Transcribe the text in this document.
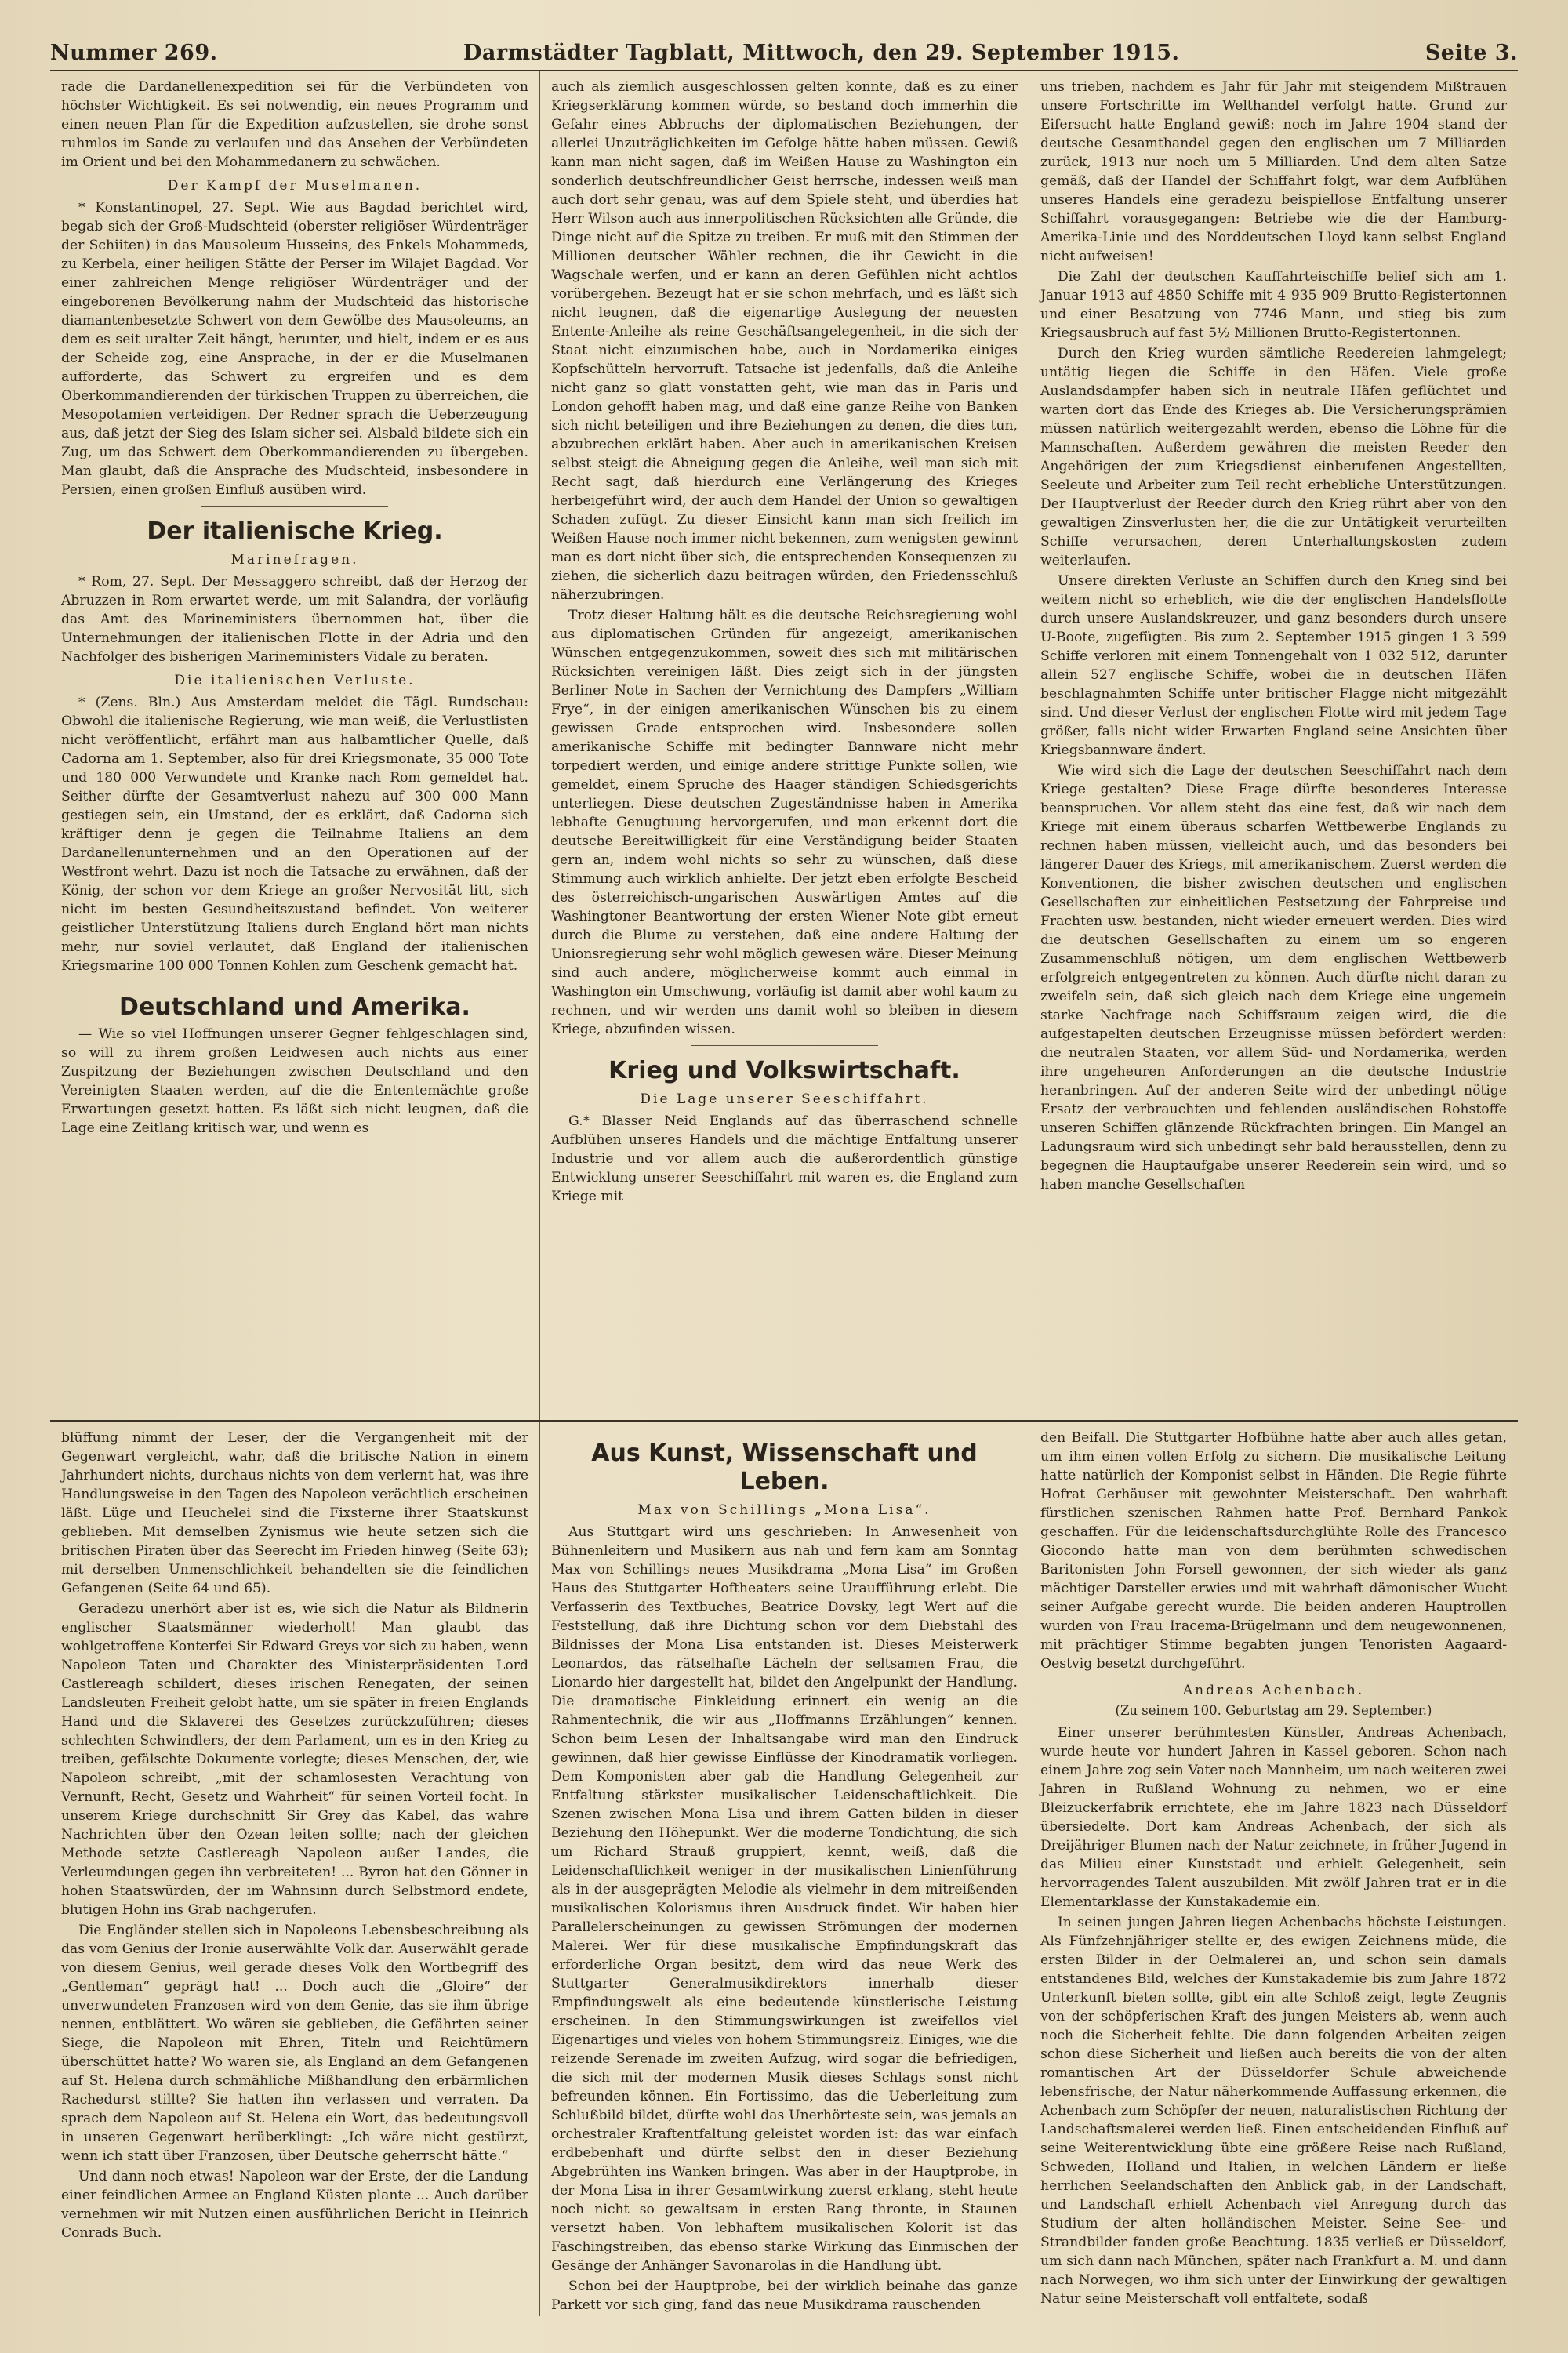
Nummer 269.	Darmstädter Tagblatt, Mittwoch, den 29. September 1915.	Seite 3.

rade die Dardanellenexpedition sei für die Verbündeten von höchster Wichtigkeit. Es sei notwendig, ein neues Programm und einen neuen Plan für die Expedition aufzustellen, sie drohe sonst ruhmlos im Sande zu verlaufen und das Ansehen der Verbündeten im Orient und bei den Mohammedanern zu schwächen.

Der Kampf der Muselmanen.

* Konstantinopel, 27. Sept. Wie aus Bagdad berichtet wird, begab sich der Groß-Mudschteid (oberster religiöser Würdenträger der Schiiten) in das Mausoleum Husseins, des Enkels Mohammeds, zu Kerbela, einer heiligen Stätte der Perser im Wilajet Bagdad. Vor einer zahlreichen Menge religiöser Würdenträger und der eingeborenen Bevölkerung nahm der Mudschteid das historische diamantenbesetzte Schwert von dem Gewölbe des Mausoleums, an dem es seit uralter Zeit hängt, herunter, und hielt, indem er es aus der Scheide zog, eine Ansprache, in der er die Muselmanen aufforderte, das Schwert zu ergreifen und es dem Oberkommandierenden der türkischen Truppen zu überreichen, die Mesopotamien verteidigen. Der Redner sprach die Ueberzeugung aus, daß jetzt der Sieg des Islam sicher sei. Alsbald bildete sich ein Zug, um das Schwert dem Oberkommandierenden zu übergeben. Man glaubt, daß die Ansprache des Mudschteid, insbesondere in Persien, einen großen Einfluß ausüben wird.

Der italienische Krieg.
Marinefragen.

* Rom, 27. Sept. Der Messaggero schreibt, daß der Herzog der Abruzzen in Rom erwartet werde, um mit Salandra, der vorläufig das Amt des Marineministers übernommen hat, über die Unternehmungen der italienischen Flotte in der Adria und den Nachfolger des bisherigen Marineministers Vidale zu beraten.

Die italienischen Verluste.

* (Zens. Bln.) Aus Amsterdam meldet die Tägl. Rundschau: Obwohl die italienische Regierung, wie man weiß, die Verlustlisten nicht veröffentlicht, erfährt man aus halbamtlicher Quelle, daß Cadorna am 1. September, also für drei Kriegsmonate, 35 000 Tote und 180 000 Verwundete und Kranke nach Rom gemeldet hat. Seither dürfte der Gesamtverlust nahezu auf 300 000 Mann gestiegen sein, ein Umstand, der es erklärt, daß Cadorna sich kräftiger denn je gegen die Teilnahme Italiens an dem Dardanellenunternehmen und an den Operationen auf der Westfront wehrt. Dazu ist noch die Tatsache zu erwähnen, daß der König, der schon vor dem Kriege an großer Nervosität litt, sich nicht im besten Gesundheitszustand befindet. Von weiterer geistlicher Unterstützung Italiens durch England hört man nichts mehr, nur soviel verlautet, daß England der italienischen Kriegsmarine 100 000 Tonnen Kohlen zum Geschenk gemacht hat.

Deutschland und Amerika.

— Wie so viel Hoffnungen unserer Gegner fehlgeschlagen sind, so will zu ihrem großen Leidwesen auch nichts aus einer Zuspitzung der Beziehungen zwischen Deutschland und den Vereinigten Staaten werden, auf die die Ententemächte große Erwartungen gesetzt hatten. Es läßt sich nicht leugnen, daß die Lage eine Zeitlang kritisch war, und wenn es

auch als ziemlich ausgeschlossen gelten konnte, daß es zu einer Kriegserklärung kommen würde, so bestand doch immerhin die Gefahr eines Abbruchs der diplomatischen Beziehungen, der allerlei Unzuträglichkeiten im Gefolge hätte haben müssen. Gewiß kann man nicht sagen, daß im Weißen Hause zu Washington ein sonderlich deutschfreundlicher Geist herrsche, indessen weiß man auch dort sehr genau, was auf dem Spiele steht, und überdies hat Herr Wilson auch aus innerpolitischen Rücksichten alle Gründe, die Dinge nicht auf die Spitze zu treiben. Er muß mit den Stimmen der Millionen deutscher Wähler rechnen, die ihr Gewicht in die Wagschale werfen, und er kann an deren Gefühlen nicht achtlos vorübergehen. Bezeugt hat er sie schon mehrfach, und es läßt sich nicht leugnen, daß die eigenartige Auslegung der neuesten Entente-Anleihe als reine Geschäftsangelegenheit, in die sich der Staat nicht einzumischen habe, auch in Nordamerika einiges Kopfschütteln hervorruft. Tatsache ist jedenfalls, daß die Anleihe nicht ganz so glatt vonstatten geht, wie man das in Paris und London gehofft haben mag, und daß eine ganze Reihe von Banken sich nicht beteiligen und ihre Beziehungen zu denen, die dies tun, abzubrechen erklärt haben. Aber auch in amerikanischen Kreisen selbst steigt die Abneigung gegen die Anleihe, weil man sich mit Recht sagt, daß hierdurch eine Verlängerung des Krieges herbeigeführt wird, der auch dem Handel der Union so gewaltigen Schaden zufügt. Zu dieser Einsicht kann man sich freilich im Weißen Hause noch immer nicht bekennen, zum wenigsten gewinnt man es dort nicht über sich, die entsprechenden Konsequenzen zu ziehen, die sicherlich dazu beitragen würden, den Friedensschluß näherzubringen.

Trotz dieser Haltung hält es die deutsche Reichsregierung wohl aus diplomatischen Gründen für angezeigt, amerikanischen Wünschen entgegenzukommen, soweit dies sich mit militärischen Rücksichten vereinigen läßt. Dies zeigt sich in der jüngsten Berliner Note in Sachen der Vernichtung des Dampfers „William Frye“, in der einigen amerikanischen Wünschen bis zu einem gewissen Grade entsprochen wird. Insbesondere sollen amerikanische Schiffe mit bedingter Bannware nicht mehr torpediert werden, und einige andere strittige Punkte sollen, wie gemeldet, einem Spruche des Haager ständigen Schiedsgerichts unterliegen. Diese deutschen Zugeständnisse haben in Amerika lebhafte Genugtuung hervorgerufen, und man erkennt dort die deutsche Bereitwilligkeit für eine Verständigung beider Staaten gern an, indem wohl nichts so sehr zu wünschen, daß diese Stimmung auch wirklich anhielte. Der jetzt eben erfolgte Bescheid des österreichisch-ungarischen Auswärtigen Amtes auf die Washingtoner Beantwortung der ersten Wiener Note gibt erneut durch die Blume zu verstehen, daß eine andere Haltung der Unionsregierung sehr wohl möglich gewesen wäre. Dieser Meinung sind auch andere, möglicherweise kommt auch einmal in Washington ein Umschwung, vorläufig ist damit aber wohl kaum zu rechnen, und wir werden uns damit wohl so bleiben in diesem Kriege, abzufinden wissen.

Krieg und Volkswirtschaft.
Die Lage unserer Seeschiffahrt.

G.* Blasser Neid Englands auf das überraschend schnelle Aufblühen unseres Handels und die mächtige Entfaltung unserer Industrie und vor allem auch die außerordentlich günstige Entwicklung unserer Seeschiffahrt mit waren es, die England zum Kriege mit

uns trieben, nachdem es Jahr für Jahr mit steigendem Mißtrauen unsere Fortschritte im Welthandel verfolgt hatte. Grund zur Eifersucht hatte England gewiß: noch im Jahre 1904 stand der deutsche Gesamthandel gegen den englischen um 7 Milliarden zurück, 1913 nur noch um 5 Milliarden. Und dem alten Satze gemäß, daß der Handel der Schiffahrt folgt, war dem Aufblühen unseres Handels eine geradezu beispiellose Entfaltung unserer Schiffahrt vorausgegangen: Betriebe wie die der Hamburg-Amerika-Linie und des Norddeutschen Lloyd kann selbst England nicht aufweisen!

Die Zahl der deutschen Kauffahrteischiffe belief sich am 1. Januar 1913 auf 4850 Schiffe mit 4 935 909 Brutto-Registertonnen und einer Besatzung von 7746 Mann, und stieg bis zum Kriegsausbruch auf fast 5½ Millionen Brutto-Registertonnen.

Durch den Krieg wurden sämtliche Reedereien lahmgelegt; untätig liegen die Schiffe in den Häfen. Viele große Auslandsdampfer haben sich in neutrale Häfen geflüchtet und warten dort das Ende des Krieges ab. Die Versicherungsprämien müssen natürlich weitergezahlt werden, ebenso die Löhne für die Mannschaften. Außerdem gewähren die meisten Reeder den Angehörigen der zum Kriegsdienst einberufenen Angestellten, Seeleute und Arbeiter zum Teil recht erhebliche Unterstützungen. Der Hauptverlust der Reeder durch den Krieg rührt aber von den gewaltigen Zinsverlusten her, die die zur Untätigkeit verurteilten Schiffe verursachen, deren Unterhaltungskosten zudem weiterlaufen.

Unsere direkten Verluste an Schiffen durch den Krieg sind bei weitem nicht so erheblich, wie die der englischen Handelsflotte durch unsere Auslandskreuzer, und ganz besonders durch unsere U-Boote, zugefügten. Bis zum 2. September 1915 gingen 1 3 599 Schiffe verloren mit einem Tonnengehalt von 1 032 512, darunter allein 527 englische Schiffe, wobei die in deutschen Häfen beschlagnahmten Schiffe unter britischer Flagge nicht mitgezählt sind. Und dieser Verlust der englischen Flotte wird mit jedem Tage größer, falls nicht wider Erwarten England seine Ansichten über Kriegsbannware ändert.

Wie wird sich die Lage der deutschen Seeschiffahrt nach dem Kriege gestalten? Diese Frage dürfte besonderes Interesse beanspruchen. Vor allem steht das eine fest, daß wir nach dem Kriege mit einem überaus scharfen Wettbewerbe Englands zu rechnen haben müssen, vielleicht auch, und das besonders bei längerer Dauer des Kriegs, mit amerikanischem. Zuerst werden die Konventionen, die bisher zwischen deutschen und englischen Gesellschaften zur einheitlichen Festsetzung der Fahrpreise und Frachten usw. bestanden, nicht wieder erneuert werden. Dies wird die deutschen Gesellschaften zu einem um so engeren Zusammenschluß nötigen, um dem englischen Wettbewerb erfolgreich entgegentreten zu können. Auch dürfte nicht daran zu zweifeln sein, daß sich gleich nach dem Kriege eine ungemein starke Nachfrage nach Schiffsraum zeigen wird, die die aufgestapelten deutschen Erzeugnisse müssen befördert werden: die neutralen Staaten, vor allem Süd- und Nordamerika, werden ihre ungeheuren Anforderungen an die deutsche Industrie heranbringen. Auf der anderen Seite wird der unbedingt nötige Ersatz der verbrauchten und fehlenden ausländischen Rohstoffe unseren Schiffen glänzende Rückfrachten bringen. Ein Mangel an Ladungsraum wird sich unbedingt sehr bald herausstellen, denn zu begegnen die Hauptaufgabe unserer Reederein sein wird, und so haben manche Gesellschaften

blüffung nimmt der Leser, der die Vergangenheit mit der Gegenwart vergleicht, wahr, daß die britische Nation in einem Jahrhundert nichts, durchaus nichts von dem verlernt hat, was ihre Handlungsweise in den Tagen des Napoleon verächtlich erscheinen läßt. Lüge und Heuchelei sind die Fixsterne ihrer Staatskunst geblieben. Mit demselben Zynismus wie heute setzen sich die britischen Piraten über das Seerecht im Frieden hinweg (Seite 63); mit derselben Unmenschlichkeit behandelten sie die feindlichen Gefangenen (Seite 64 und 65).

Geradezu unerhört aber ist es, wie sich die Natur als Bildnerin englischer Staatsmänner wiederholt! Man glaubt das wohlgetroffene Konterfei Sir Edward Greys vor sich zu haben, wenn Napoleon Taten und Charakter des Ministerpräsidenten Lord Castlereagh schildert, dieses irischen Renegaten, der seinen Landsleuten Freiheit gelobt hatte, um sie später in freien Englands Hand und die Sklaverei des Gesetzes zurückzuführen; dieses schlechten Schwindlers, der dem Parlament, um es in den Krieg zu treiben, gefälschte Dokumente vorlegte; dieses Menschen, der, wie Napoleon schreibt, „mit der schamlosesten Verachtung von Vernunft, Recht, Gesetz und Wahrheit“ für seinen Vorteil focht. In unserem Kriege durchschnitt Sir Grey das Kabel, das wahre Nachrichten über den Ozean leiten sollte; nach der gleichen Methode setzte Castlereagh Napoleon außer Landes, die Verleumdungen gegen ihn verbreiteten! ... Byron hat den Gönner in hohen Staatswürden, der im Wahnsinn durch Selbstmord endete, blutigen Hohn ins Grab nachgerufen.

Die Engländer stellen sich in Napoleons Lebensbeschreibung als das vom Genius der Ironie auserwählte Volk dar. Auserwählt gerade von diesem Genius, weil gerade dieses Volk den Wortbegriff des „Gentleman“ geprägt hat! ... Doch auch die „Gloire“ der unverwundeten Franzosen wird von dem Genie, das sie ihm übrige nennen, entblättert. Wo wären sie geblieben, die Gefährten seiner Siege, die Napoleon mit Ehren, Titeln und Reichtümern überschüttet hatte? Wo waren sie, als England an dem Gefangenen auf St. Helena durch schmähliche Mißhandlung den erbärmlichen Rachedurst stillte? Sie hatten ihn verlassen und verraten. Da sprach dem Napoleon auf St. Helena ein Wort, das bedeutungsvoll in unseren Gegenwart herüberklingt: „Ich wäre nicht gestürzt, wenn ich statt über Franzosen, über Deutsche geherrscht hätte.“

Und dann noch etwas! Napoleon war der Erste, der die Landung einer feindlichen Armee an England Küsten plante ... Auch darüber vernehmen wir mit Nutzen einen ausführlichen Bericht in Heinrich Conrads Buch.

Aus Kunst, Wissenschaft und Leben.
Max von Schillings „Mona Lisa“.

Aus Stuttgart wird uns geschrieben: In Anwesenheit von Bühnenleitern und Musikern aus nah und fern kam am Sonntag Max von Schillings neues Musikdrama „Mona Lisa“ im Großen Haus des Stuttgarter Hoftheaters seine Uraufführung erlebt. Die Verfasserin des Textbuches, Beatrice Dovsky, legt Wert auf die Feststellung, daß ihre Dichtung schon vor dem Diebstahl des Bildnisses der Mona Lisa entstanden ist. Dieses Meisterwerk Leonardos, das rätselhafte Lächeln der seltsamen Frau, die Lionardo hier dargestellt hat, bildet den Angelpunkt der Handlung. Die dramatische Einkleidung erinnert ein wenig an die Rahmentechnik, die wir aus „Hoffmanns Erzählungen“ kennen. Schon beim Lesen der Inhaltsangabe wird man den Eindruck gewinnen, daß hier gewisse Einflüsse der Kinodramatik vorliegen. Dem Komponisten aber gab die Handlung Gelegenheit zur Entfaltung stärkster musikalischer Leidenschaftlichkeit. Die Szenen zwischen Mona Lisa und ihrem Gatten bilden in dieser Beziehung den Höhepunkt. Wer die moderne Tondichtung, die sich um Richard Strauß gruppiert, kennt, weiß, daß die Leidenschaftlichkeit weniger in der musikalischen Linienführung als in der ausgeprägten Melodie als vielmehr in dem mitreißenden musikalischen Kolorismus ihren Ausdruck findet. Wir haben hier Parallelerscheinungen zu gewissen Strömungen der modernen Malerei. Wer für diese musikalische Empfindungskraft das erforderliche Organ besitzt, dem wird das neue Werk des Stuttgarter Generalmusikdirektors innerhalb dieser Empfindungswelt als eine bedeutende künstlerische Leistung erscheinen. In den Stimmungswirkungen ist zweifellos viel Eigenartiges und vieles von hohem Stimmungsreiz. Einiges, wie die reizende Serenade im zweiten Aufzug, wird sogar die befriedigen, die sich mit der modernen Musik dieses Schlags sonst nicht befreunden können. Ein Fortissimo, das die Ueberleitung zum Schlußbild bildet, dürfte wohl das Unerhörteste sein, was jemals an orchestraler Kraftentfaltung geleistet worden ist: das war einfach erdbebenhaft und dürfte selbst den in dieser Beziehung Abgebrühten ins Wanken bringen. Was aber in der Hauptprobe, in der Mona Lisa in ihrer Gesamtwirkung zuerst erklang, steht heute noch nicht so gewaltsam in ersten Rang thronte, in Staunen versetzt haben. Von lebhaftem musikalischen Kolorit ist das Faschingstreiben, das ebenso starke Wirkung das Einmischen der Gesänge der Anhänger Savonarolas in die Handlung übt.

Schon bei der Hauptprobe, bei der wirklich beinahe das ganze Parkett vor sich ging, fand das neue Musikdrama rauschenden

den Beifall. Die Stuttgarter Hofbühne hatte aber auch alles getan, um ihm einen vollen Erfolg zu sichern. Die musikalische Leitung hatte natürlich der Komponist selbst in Händen. Die Regie führte Hofrat Gerhäuser mit gewohnter Meisterschaft. Den wahrhaft fürstlichen szenischen Rahmen hatte Prof. Bernhard Pankok geschaffen. Für die leidenschaftsdurchglühte Rolle des Francesco Giocondo hatte man von dem berühmten schwedischen Baritonisten John Forsell gewonnen, der sich wieder als ganz mächtiger Darsteller erwies und mit wahrhaft dämonischer Wucht seiner Aufgabe gerecht wurde. Die beiden anderen Hauptrollen wurden von Frau Iracema-Brügelmann und dem neugewonnenen, mit prächtiger Stimme begabten jungen Tenoristen Aagaard-Oestvig besetzt durchgeführt.

Andreas Achenbach.
(Zu seinem 100. Geburtstag am 29. September.)

Einer unserer berühmtesten Künstler, Andreas Achenbach, wurde heute vor hundert Jahren in Kassel geboren. Schon nach einem Jahre zog sein Vater nach Mannheim, um nach weiteren zwei Jahren in Rußland Wohnung zu nehmen, wo er eine Bleizuckerfabrik errichtete, ehe im Jahre 1823 nach Düsseldorf übersiedelte. Dort kam Andreas Achenbach, der sich als Dreijähriger Blumen nach der Natur zeichnete, in früher Jugend in das Milieu einer Kunststadt und erhielt Gelegenheit, sein hervorragendes Talent auszubilden. Mit zwölf Jahren trat er in die Elementarklasse der Kunstakademie ein.

In seinen jungen Jahren liegen Achenbachs höchste Leistungen. Als Fünfzehnjähriger stellte er, des ewigen Zeichnens müde, die ersten Bilder in der Oelmalerei an, und schon sein damals entstandenes Bild, welches der Kunstakademie bis zum Jahre 1872 Unterkunft bieten sollte, gibt ein alte Schloß zeigt, legte Zeugnis von der schöpferischen Kraft des jungen Meisters ab, wenn auch noch die Sicherheit fehlte. Die dann folgenden Arbeiten zeigen schon diese Sicherheit und ließen auch bereits die von der alten romantischen Art der Düsseldorfer Schule abweichende lebensfrische, der Natur näherkommende Auffassung erkennen, die Achenbach zum Schöpfer der neuen, naturalistischen Richtung der Landschaftsmalerei werden ließ. Einen entscheidenden Einfluß auf seine Weiterentwicklung übte eine größere Reise nach Rußland, Schweden, Holland und Italien, in welchen Ländern er ließe herrlichen Seelandschaften den Anblick gab, in der Landschaft, und Landschaft erhielt Achenbach viel Anregung durch das Studium der alten holländischen Meister. Seine See- und Strandbilder fanden große Beachtung. 1835 verließ er Düsseldorf, um sich dann nach München, später nach Frankfurt a. M. und dann nach Norwegen, wo ihm sich unter der Einwirkung der gewaltigen Natur seine Meisterschaft voll entfaltete, sodaß
